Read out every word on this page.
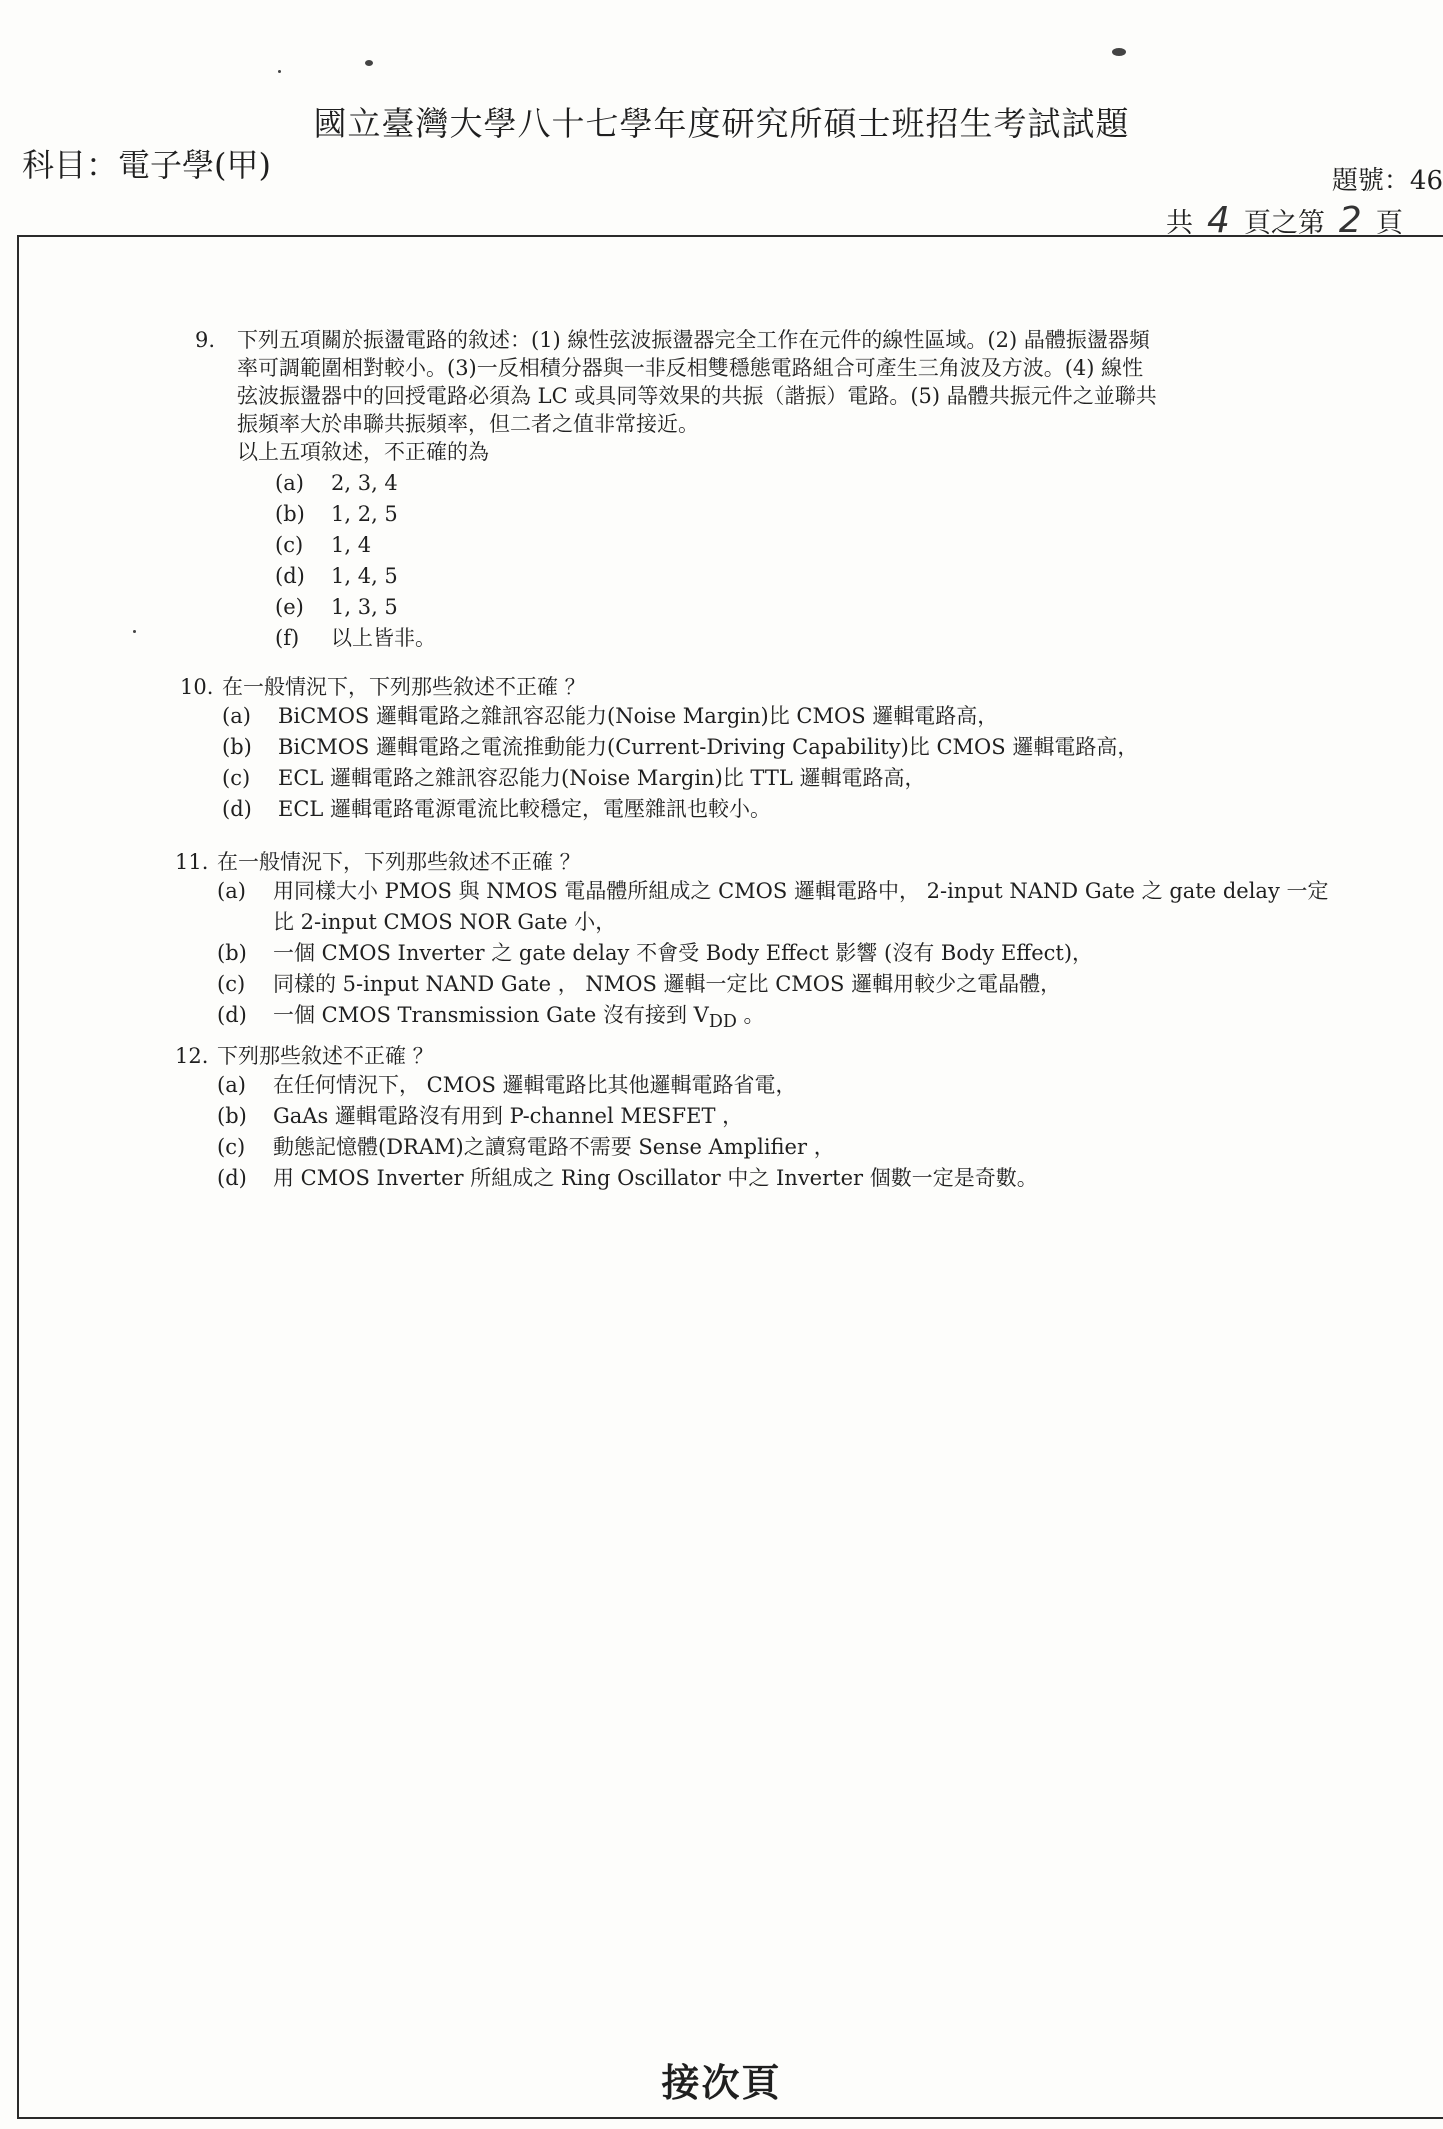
國立臺灣大學八十七學年度研究所碩士班招生考試試題
科目：電子學(甲)	題號：46
共 4 頁之第 2 頁
9.	下列五項關於振盪電路的敘述：(1) 線性弦波振盪器完全工作在元件的線性區域。(2) 晶體振盪器頻
率可調範圍相對較小。(3)一反相積分器與一非反相雙穩態電路組合可產生三角波及方波。(4) 線性
弦波振盪器中的回授電路必須為 LC 或具同等效果的共振（諧振）電路。(5) 晶體共振元件之並聯共
振頻率大於串聯共振頻率，但二者之值非常接近。
以上五項敘述，不正確的為
(a)	2, 3, 4
(b)	1, 2, 5
(c)	1, 4
(d)	1, 4, 5
(e)	1, 3, 5
(f)	以上皆非。
10. 在一般情況下，下列那些敘述不正確 ？
(a)	BiCMOS 邏輯電路之雜訊容忍能力(Noise Margin)比 CMOS 邏輯電路高，
(b)	BiCMOS 邏輯電路之電流推動能力(Current-Driving Capability)比 CMOS 邏輯電路高，
(c)	ECL 邏輯電路之雜訊容忍能力(Noise Margin)比 TTL 邏輯電路高，
(d)	ECL 邏輯電路電源電流比較穩定，電壓雜訊也較小。
11. 在一般情況下，下列那些敘述不正確 ？
(a)	用同樣大小 PMOS 與 NMOS 電晶體所組成之 CMOS 邏輯電路中， 2-input NAND Gate 之 gate delay 一定比 2-input CMOS NOR Gate 小，
(b)	一個 CMOS Inverter 之 gate delay 不會受 Body Effect 影響 (沒有 Body Effect)，
(c)	同樣的 5-input NAND Gate ， NMOS 邏輯一定比 CMOS 邏輯用較少之電晶體，
(d)	一個 CMOS Transmission Gate 沒有接到 $V_{DD}$ 。
12. 下列那些敘述不正確 ？
(a)	在任何情況下， CMOS 邏輯電路比其他邏輯電路省電，
(b)	GaAs 邏輯電路沒有用到 P-channel MESFET ，
(c)	動態記憶體(DRAM)之讀寫電路不需要 Sense Amplifier ，
(d)	用 CMOS Inverter 所組成之 Ring Oscillator 中之 Inverter 個數一定是奇數。
接次頁
